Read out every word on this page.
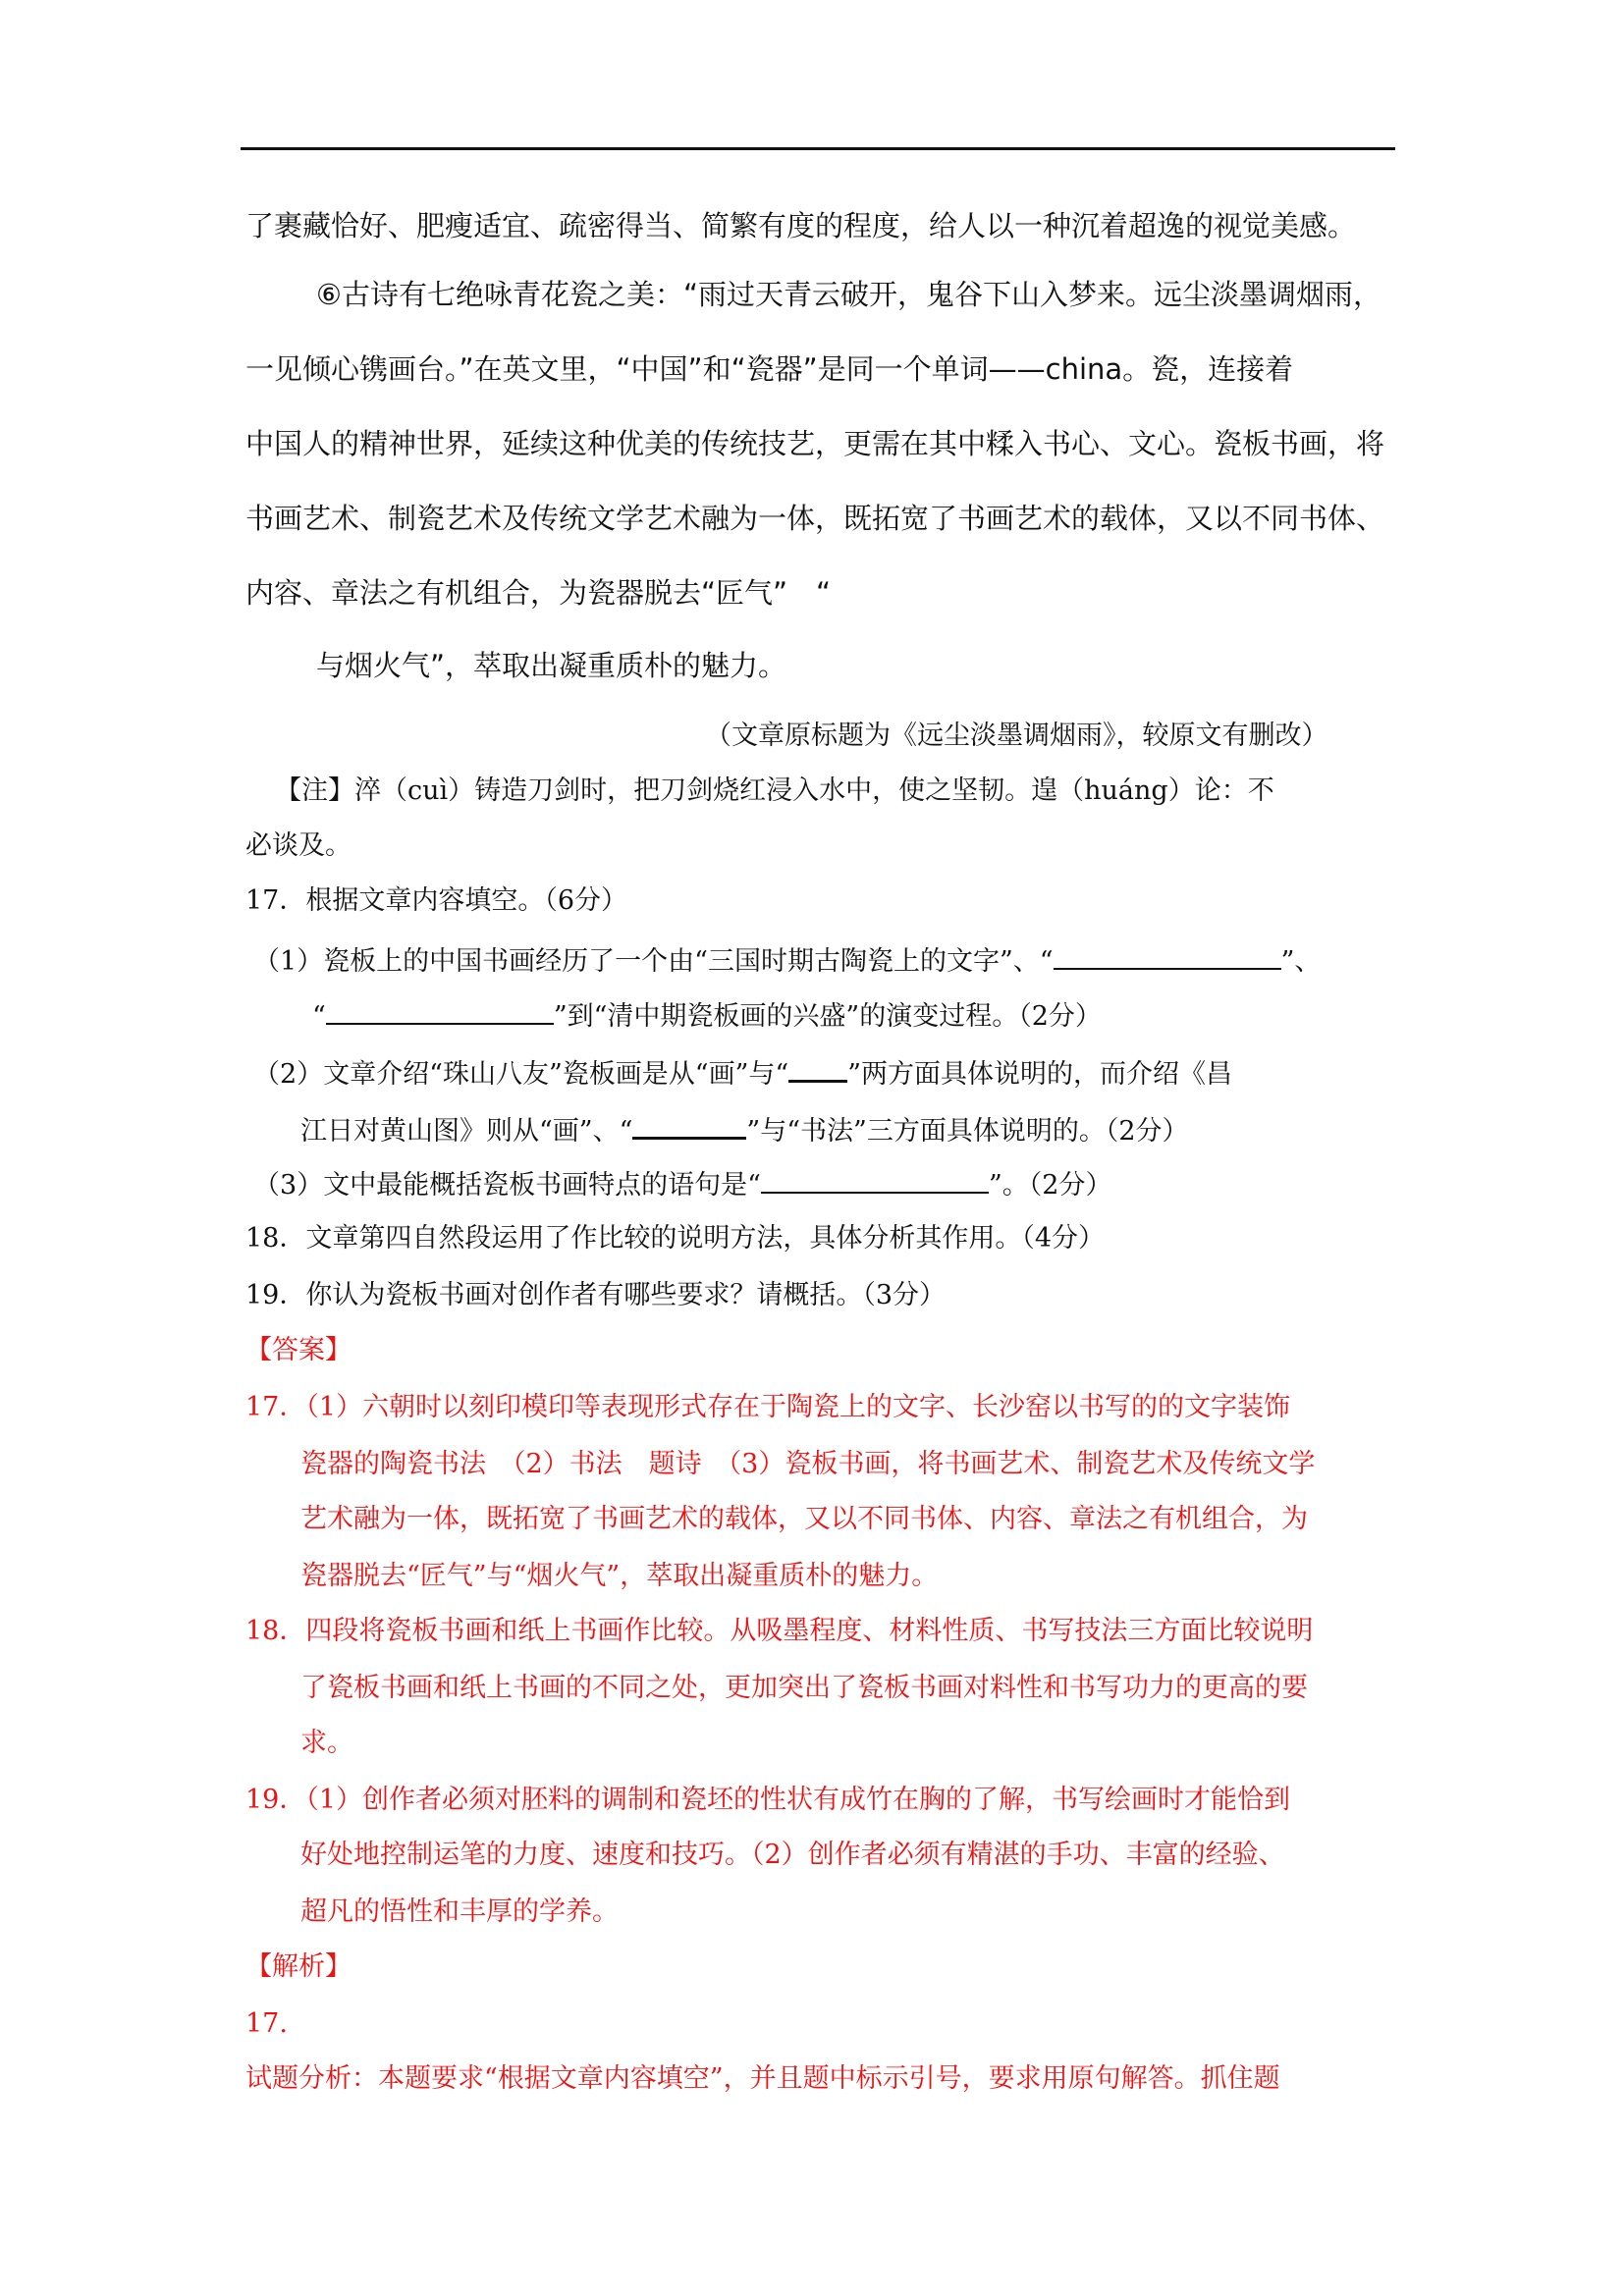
了裹藏恰好、肥瘦适宜、疏密得当、简繁有度的程度，给人以一种沉着超逸的视觉美感。
⑥古诗有七绝咏青花瓷之美：“雨过天青云破开，鬼谷下山入梦来。远尘淡墨调烟雨，
一见倾心镌画台。”在英文里，“中国”和“瓷器”是同一个单词——china。瓷，连接着
中国人的精神世界，延续这种优美的传统技艺，更需在其中糅入书心、文心。瓷板书画，将
书画艺术、制瓷艺术及传统文学艺术融为一体，既拓宽了书画艺术的载体，又以不同书体、
内容、章法之有机组合，为瓷器脱去“匠气”　“
与烟火气”，萃取出凝重质朴的魅力。
（文章原标题为《远尘淡墨调烟雨》，较原文有删改）
【注】淬（cuì）铸造刀剑时，把刀剑烧红浸入水中，使之坚韧。遑（huáng）论：不
必谈及。
17．根据文章内容填空。（6分）
（1）瓷板上的中国书画经历了一个由“三国时期古陶瓷上的文字”、“	”、
“	”到“清中期瓷板画的兴盛”的演变过程。（2分）
（2）文章介绍“珠山八友”瓷板画是从“画”与“ ”两方面具体说明的，而介绍《昌
江日对黄山图》则从“画”、“	”与“书法”三方面具体说明的。（2分）
（3）文中最能概括瓷板书画特点的语句是“	”。（2分）
18．文章第四自然段运用了作比较的说明方法，具体分析其作用。（4分）
19．你认为瓷板书画对创作者有哪些要求？请概括。（3分）
【答案】
17．（1）六朝时以刻印模印等表现形式存在于陶瓷上的文字、长沙窑以书写的的文字装饰
瓷器的陶瓷书法　（2）书法　题诗　（3）瓷板书画，将书画艺术、制瓷艺术及传统文学
艺术融为一体，既拓宽了书画艺术的载体，又以不同书体、内容、章法之有机组合，为
瓷器脱去“匠气”与“烟火气”，萃取出凝重质朴的魅力。
18．四段将瓷板书画和纸上书画作比较。从吸墨程度、材料性质、书写技法三方面比较说明
了瓷板书画和纸上书画的不同之处，更加突出了瓷板书画对料性和书写功力的更高的要
求。
19．（1）创作者必须对胚料的调制和瓷坯的性状有成竹在胸的了解，书写绘画时才能恰到
好处地控制运笔的力度、速度和技巧。（2）创作者必须有精湛的手功、丰富的经验、
超凡的悟性和丰厚的学养。
【解析】
17.
试题分析：本题要求“根据文章内容填空”，并且题中标示引号，要求用原句解答。抓住题
